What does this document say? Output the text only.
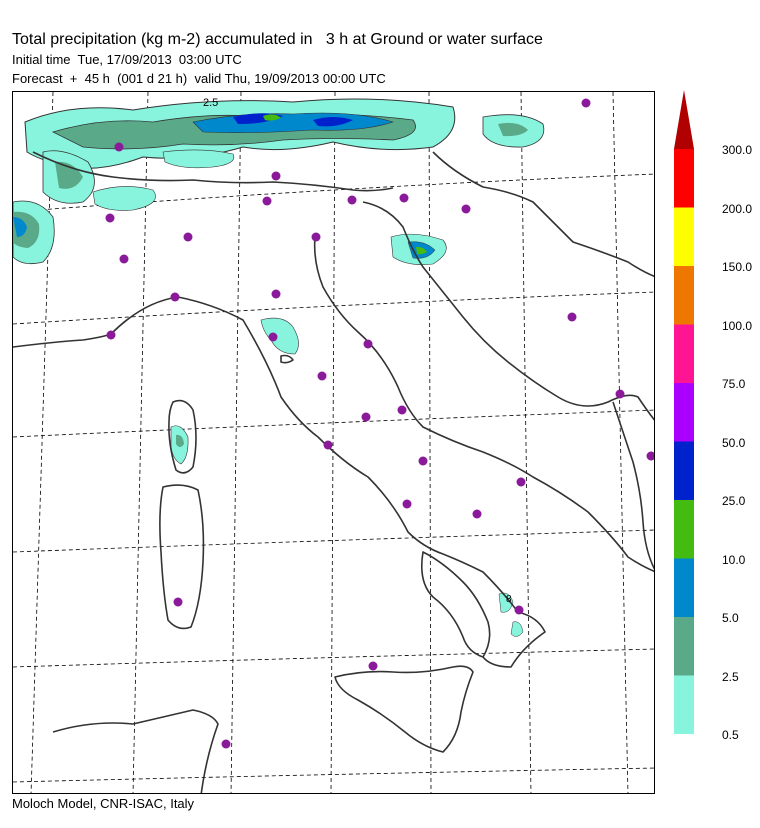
Total precipitation (kg m-2) accumulated in   3 h at Ground or water surface
Initial time  Tue, 17/09/2013  03:00 UTC
Forecast  +  45 h  (001 d 21 h)  valid Thu, 19/09/2013 00:00 UTC
2.5
8
300.0
200.0
150.0
100.0
75.0
50.0
25.0
10.0
5.0
2.5
0.5
Moloch Model, CNR-ISAC, Italy
